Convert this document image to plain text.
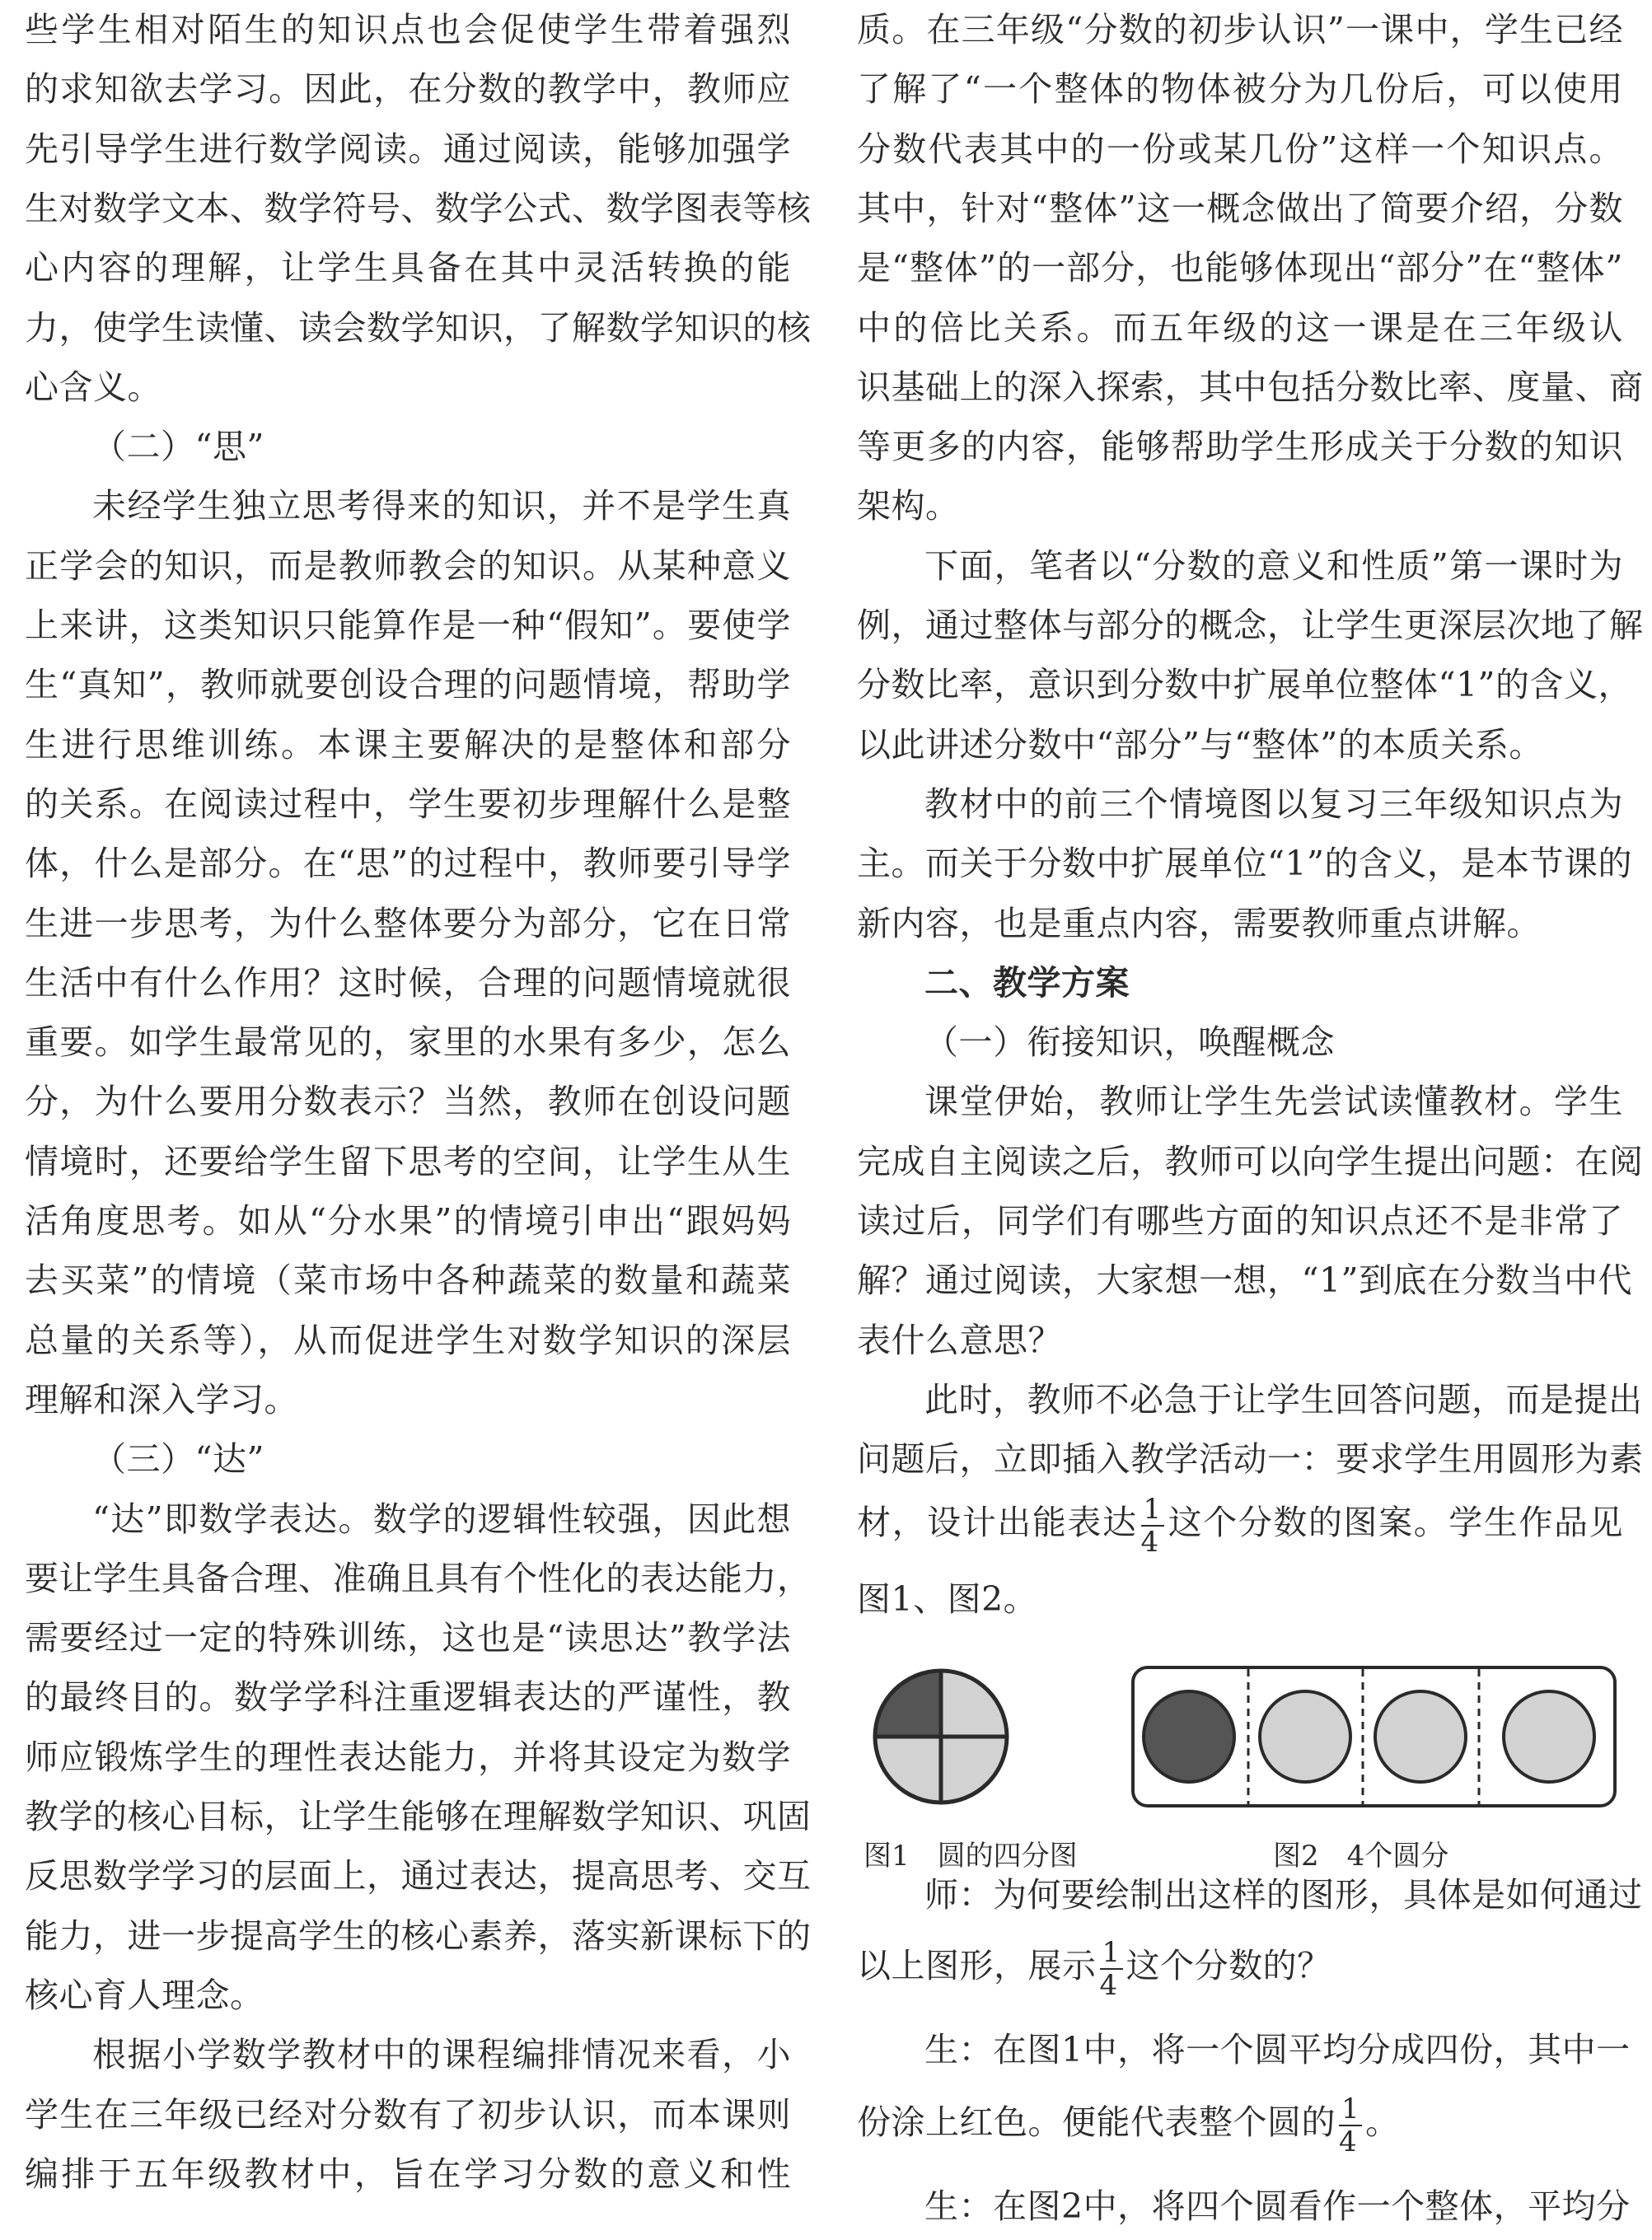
些学生相对陌生的知识点也会促使学生带着强烈
的求知欲去学习。因此，在分数的教学中，教师应
先引导学生进行数学阅读。通过阅读，能够加强学
生对数学文本、数学符号、数学公式、数学图表等核
心内容的理解，让学生具备在其中灵活转换的能
力，使学生读懂、读会数学知识，了解数学知识的核
心含义。
（二）“思”
未经学生独立思考得来的知识，并不是学生真
正学会的知识，而是教师教会的知识。从某种意义
上来讲，这类知识只能算作是一种“假知”。要使学
生“真知”，教师就要创设合理的问题情境，帮助学
生进行思维训练。本课主要解决的是整体和部分
的关系。在阅读过程中，学生要初步理解什么是整
体，什么是部分。在“思”的过程中，教师要引导学
生进一步思考，为什么整体要分为部分，它在日常
生活中有什么作用？这时候，合理的问题情境就很
重要。如学生最常见的，家里的水果有多少，怎么
分，为什么要用分数表示？当然，教师在创设问题
情境时，还要给学生留下思考的空间，让学生从生
活角度思考。如从“分水果”的情境引申出“跟妈妈
去买菜”的情境（菜市场中各种蔬菜的数量和蔬菜
总量的关系等），从而促进学生对数学知识的深层
理解和深入学习。
（三）“达”
“达”即数学表达。数学的逻辑性较强，因此想
要让学生具备合理、准确且具有个性化的表达能力，
需要经过一定的特殊训练，这也是“读思达”教学法
的最终目的。数学学科注重逻辑表达的严谨性，教
师应锻炼学生的理性表达能力，并将其设定为数学
教学的核心目标，让学生能够在理解数学知识、巩固
反思数学学习的层面上，通过表达，提高思考、交互
能力，进一步提高学生的核心素养，落实新课标下的
核心育人理念。
根据小学数学教材中的课程编排情况来看，小
学生在三年级已经对分数有了初步认识，而本课则
编排于五年级教材中，旨在学习分数的意义和性
质。在三年级“分数的初步认识”一课中，学生已经
了解了“一个整体的物体被分为几份后，可以使用
分数代表其中的一份或某几份”这样一个知识点。
其中，针对“整体”这一概念做出了简要介绍，分数
是“整体”的一部分，也能够体现出“部分”在“整体”
中的倍比关系。而五年级的这一课是在三年级认
识基础上的深入探索，其中包括分数比率、度量、商
等更多的内容，能够帮助学生形成关于分数的知识
架构。
下面，笔者以“分数的意义和性质”第一课时为
例，通过整体与部分的概念，让学生更深层次地了解
分数比率，意识到分数中扩展单位整体“1”的含义，
以此讲述分数中“部分”与“整体”的本质关系。
教材中的前三个情境图以复习三年级知识点为
主。而关于分数中扩展单位“1”的含义，是本节课的
新内容，也是重点内容，需要教师重点讲解。
二、教学方案
（一）衔接知识，唤醒概念
课堂伊始，教师让学生先尝试读懂教材。学生
完成自主阅读之后，教师可以向学生提出问题：在阅
读过后，同学们有哪些方面的知识点还不是非常了
解？通过阅读，大家想一想，“1”到底在分数当中代
表什么意思？
此时，教师不必急于让学生回答问题，而是提出
问题后，立即插入教学活动一：要求学生用圆形为素
材，设计出能表达 $\frac{1}{4}$ 这个分数的图案。学生作品见
图1、图2。
师：为何要绘制出这样的图形，具体是如何通过
以上图形，展示 $\frac{1}{4}$ 这个分数的？
生：在图1中，将一个圆平均分成四份，其中一
份涂上红色。便能代表整个圆的 $\frac{1}{4}$ 。
生：在图2中，将四个圆看作一个整体，平均分
图1　圆的四分图	图2　4个圆分
